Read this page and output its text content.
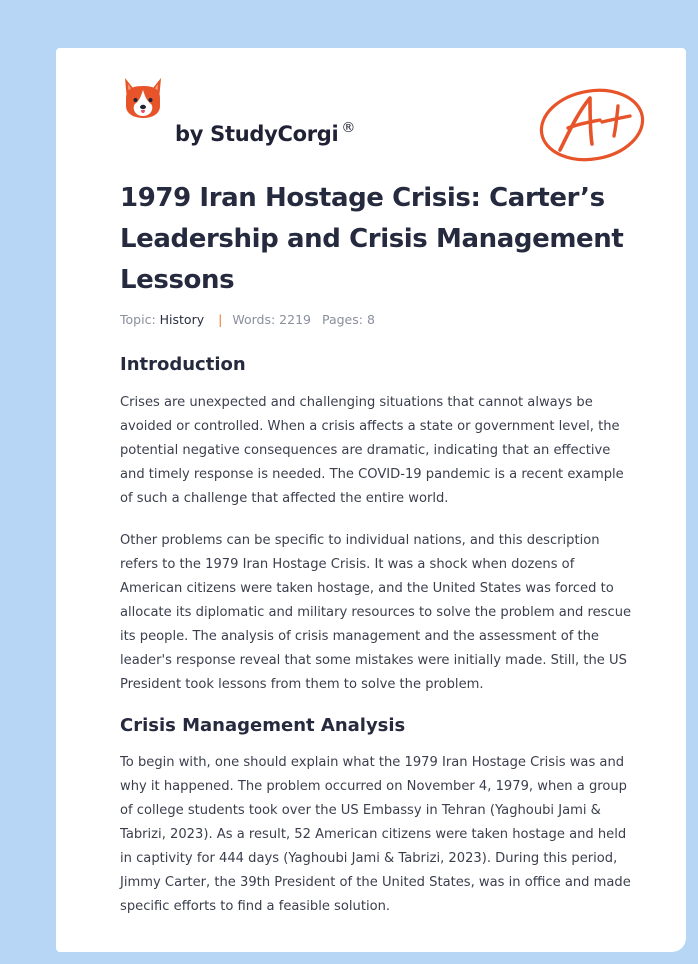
by StudyCorgi ®
1979 Iran Hostage Crisis: Carter’s Leadership and Crisis Management Lessons
Topic: History | Words: 2219 Pages: 8
Introduction

Crises are unexpected and challenging situations that cannot always be avoided or controlled. When a crisis affects a state or government level, the potential negative consequences are dramatic, indicating that an effective and timely response is needed. The COVID-19 pandemic is a recent example of such a challenge that affected the entire world.

Other problems can be specific to individual nations, and this description refers to the 1979 Iran Hostage Crisis. It was a shock when dozens of American citizens were taken hostage, and the United States was forced to allocate its diplomatic and military resources to solve the problem and rescue its people. The analysis of crisis management and the assessment of the leader's response reveal that some mistakes were initially made. Still, the US President took lessons from them to solve the problem.

Crisis Management Analysis

To begin with, one should explain what the 1979 Iran Hostage Crisis was and why it happened. The problem occurred on November 4, 1979, when a group of college students took over the US Embassy in Tehran (Yaghoubi Jami & Tabrizi, 2023). As a result, 52 American citizens were taken hostage and held in captivity for 444 days (Yaghoubi Jami & Tabrizi, 2023). During this period, Jimmy Carter, the 39th President of the United States, was in office and made specific efforts to find a feasible solution.
